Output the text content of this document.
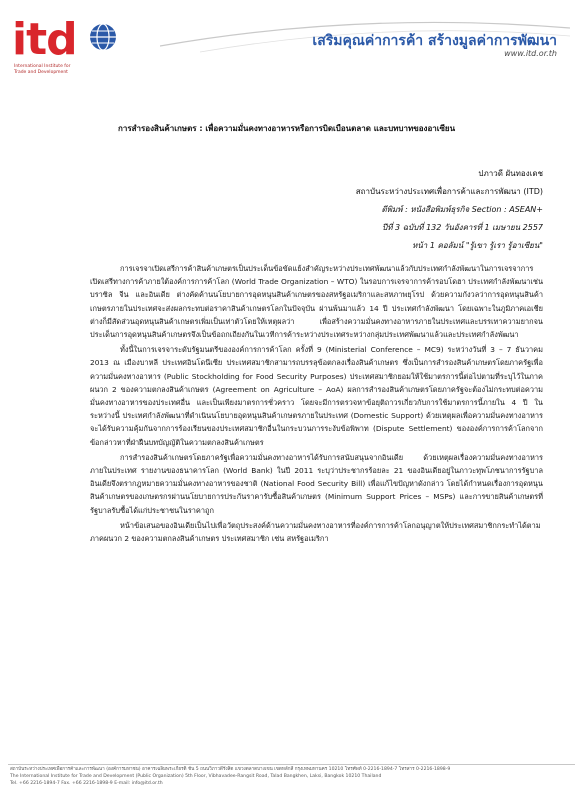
itd
International Institute for
Trade and Development
เสริมคุณค่าการค้า สร้างมูลค่าการพัฒนา
www.itd.or.th
การสำรองสินค้าเกษตร : เพื่อความมั่นคงทางอาหารหรือการบิดเบือนตลาด และบทบาทของอาเซียน
ปภาวดี ผันทองเดช
สถาบันระหว่างประเทศเพื่อการค้าและการพัฒนา (ITD)
ตีพิมพ์ : หนังสือพิมพ์ธุรกิจ Section : ASEAN+
ปีที่ 3 ฉบับที่ 132 วันอังคารที่ 1 เมษายน 2557
หน้า 1 คอลัมน์ "รู้เขา รู้เรา รู้อาเซียน"

การเจรจาเปิดเสรีการค้าสินค้าเกษตรเป็นประเด็นข้อขัดแย้งสำคัญระหว่างประเทศพัฒนาแล้วกับประเทศกำลังพัฒนาในการเจรจาการเปิดเสรีทางการค้าภายใต้องค์การการค้าโลก (World Trade Organization – WTO) ในรอบการเจรจาการค้ารอบโดฮา ประเทศกำลังพัฒนาเช่น บราซิล จีน และอินเดีย ต่างคัดค้านนโยบายการอุดหนุนสินค้าเกษตรของสหรัฐอเมริกาและสหภาพยุโรป ด้วยความกังวลว่าการอุดหนุนสินค้าเกษตรภายในประเทศจะส่งผลกระทบต่อราคาสินค้าเกษตรโลกในปัจจุบัน ผ่านพ้นมาแล้ว 14 ปี ประเทศกำลังพัฒนา โดยเฉพาะในภูมิภาคเอเชีย ต่างก็มีสัดส่วนอุดหนุนสินค้าเกษตรเพิ่มเป็นเท่าตัวโดยให้เหตุผลว่า เพื่อสร้างความมั่นคงทางอาหารภายในประเทศและบรรเทาความยากจน ประเด็นการอุดหนุนสินค้าเกษตรจึงเป็นข้อถกเถียงกันในเวทีการค้าระหว่างประเทศระหว่างกลุ่มประเทศพัฒนาแล้วและประเทศกำลังพัฒนา

ทั้งนี้ในการเจรจาระดับรัฐมนตรีขององค์การการค้าโลก ครั้งที่ 9 (Ministerial Conference – MC9) ระหว่างวันที่ 3 – 7 ธันวาคม 2013 ณ เมืองบาหลี ประเทศอินโดนีเซีย ประเทศสมาชิกสามารถบรรลุข้อตกลงเรื่องสินค้าเกษตร ซึ่งเป็นการสำรองสินค้าเกษตรโดยภาครัฐเพื่อความมั่นคงทางอาหาร (Public Stockholding for Food Security Purposes) ประเทศสมาชิกยอมให้ใช้มาตรการนี้ต่อไปตามที่ระบุไว้ในภาคผนวก 2 ของความตกลงสินค้าเกษตร (Agreement on Agriculture – AoA) ผลการสำรองสินค้าเกษตรโดยภาครัฐจะต้องไม่กระทบต่อความมั่นคงทางอาหารของประเทศอื่น และเป็นเพียงมาตรการชั่วคราว โดยจะมีการตรวจหาข้อยุติถาวรเกี่ยวกับการใช้มาตรการนี้ภายใน 4 ปี ในระหว่างนี้ ประเทศกำลังพัฒนาที่ดำเนินนโยบายอุดหนุนสินค้าเกษตรภายในประเทศ (Domestic Support) ด้วยเหตุผลเพื่อความมั่นคงทางอาหาร จะได้รับความคุ้มกันจากการร้องเรียนของประเทศสมาชิกอื่นในกระบวนการระงับข้อพิพาท (Dispute Settlement) ขององค์การการค้าโลกจากข้อกล่าวหาที่ฝ่าฝืนบทบัญญัติในความตกลงสินค้าเกษตร

การสำรองสินค้าเกษตรโดยภาครัฐเพื่อความมั่นคงทางอาหารได้รับการสนับสนุนจากอินเดีย ด้วยเหตุผลเรื่องความมั่นคงทางอาหารภายในประเทศ รายงานของธนาคารโลก (World Bank) ในปี 2011 ระบุว่าประชากรร้อยละ 21 ของอินเดียอยู่ในภาวะทุพโภชนาการรัฐบาลอินเดียจึงตรากฎหมายความมั่นคงทางอาหารของชาติ (National Food Security Bill) เพื่อแก้ไขปัญหาดังกล่าว โดยได้กำหนดเรื่องการอุดหนุนสินค้าเกษตรของเกษตรกรผ่านนโยบายการประกันราคารับซื้อสินค้าเกษตร (Minimum Support Prices – MSPs) และการขายสินค้าเกษตรที่รัฐบาลรับซื้อได้แก่ประชาชนในราคาถูก

หน้าข้อเสนอของอินเดียเป็นไปเพื่อวัตถุประสงค์ด้านความมั่นคงทางอาหารที่องค์การการค้าโลกอนุญาตให้ประเทศสมาชิกกระทำได้ตามภาคผนวก 2 ของความตกลงสินค้าเกษตร ประเทศสมาชิก เช่น สหรัฐอเมริกา

สถาบันระหว่างประเทศเพื่อการค้าและการพัฒนา (องค์การมหาชน) อาคารเฉลิมพระเกียรติ ชั้น 5 ถนนวิภาวดีรังสิต แขวงตลาดบางเขน เขตหลักสี่ กรุงเทพมหานคร 10210 โทรศัพท์ 0-2216-1894-7 โทรสาร 0-2216-1898-9
The International Institute for Trade and Development (Public Organization) 5th Floor, Vibhavadee-Rangsit Road, Talad Bangkhen, Laksi, Bangkok 10210 Thailand
Tel. +66 2216-1894-7 Fax. +66 2216-1898-9 E-mail: info@itd.or.th
